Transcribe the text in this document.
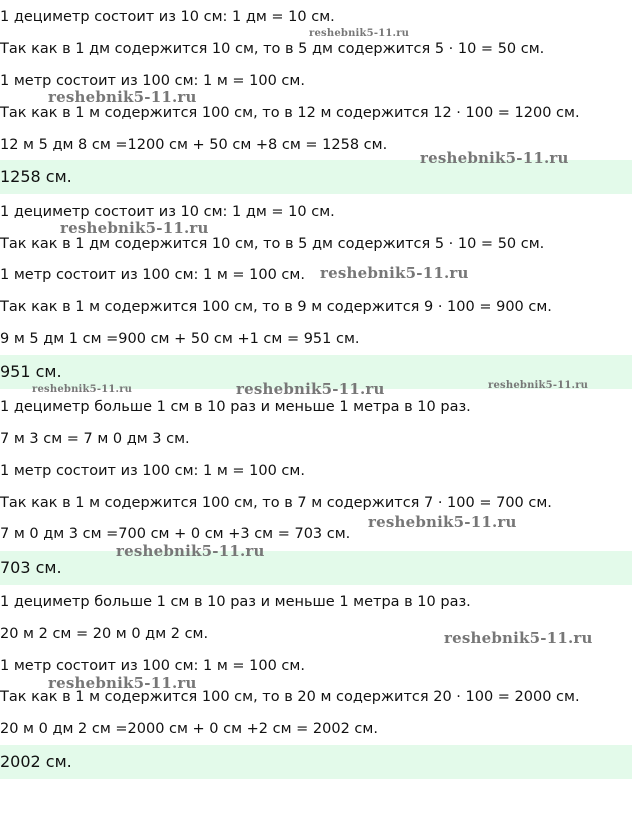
1 дециметр состоит из 10 см: 1 дм = 10 см.
Так как в 1 дм содержится 10 см, то в 5 дм содержится 5 · 10 = 50 см.
1 метр состоит из 100 см: 1 м = 100 см.
Так как в 1 м содержится 100 см, то в 12 м содержится 12 · 100 = 1200 см.
12 м 5 дм 8 см =1200 см + 50 см +8 см = 1258 см.
1258 см.
1 дециметр состоит из 10 см: 1 дм = 10 см.
Так как в 1 дм содержится 10 см, то в 5 дм содержится 5 · 10 = 50 см.
1 метр состоит из 100 см: 1 м = 100 см.
Так как в 1 м содержится 100 см, то в 9 м содержится 9 · 100 = 900 см.
9 м 5 дм 1 см =900 см + 50 см +1 см = 951 см.
951 см.
1 дециметр больше 1 см в 10 раз и меньше 1 метра в 10 раз.
7 м 3 см = 7 м 0 дм 3 см.
1 метр состоит из 100 см: 1 м = 100 см.
Так как в 1 м содержится 100 см, то в 7 м содержится 7 · 100 = 700 см.
7 м 0 дм 3 см =700 см + 0 см +3 см = 703 см.
703 см.
1 дециметр больше 1 см в 10 раз и меньше 1 метра в 10 раз.
20 м 2 см = 20 м 0 дм 2 см.
1 метр состоит из 100 см: 1 м = 100 см.
Так как в 1 м содержится 100 см, то в 20 м содержится 20 · 100 = 2000 см.
20 м 0 дм 2 см =2000 см + 0 см +2 см = 2002 см.
2002 см.
reshebnik5-11.ru
reshebnik5-11.ru
reshebnik5-11.ru
reshebnik5-11.ru
reshebnik5-11.ru
reshebnik5-11.ru	reshebnik5-11.ru	reshebnik5-11.ru
reshebnik5-11.ru
reshebnik5-11.ru
reshebnik5-11.ru
reshebnik5-11.ru
